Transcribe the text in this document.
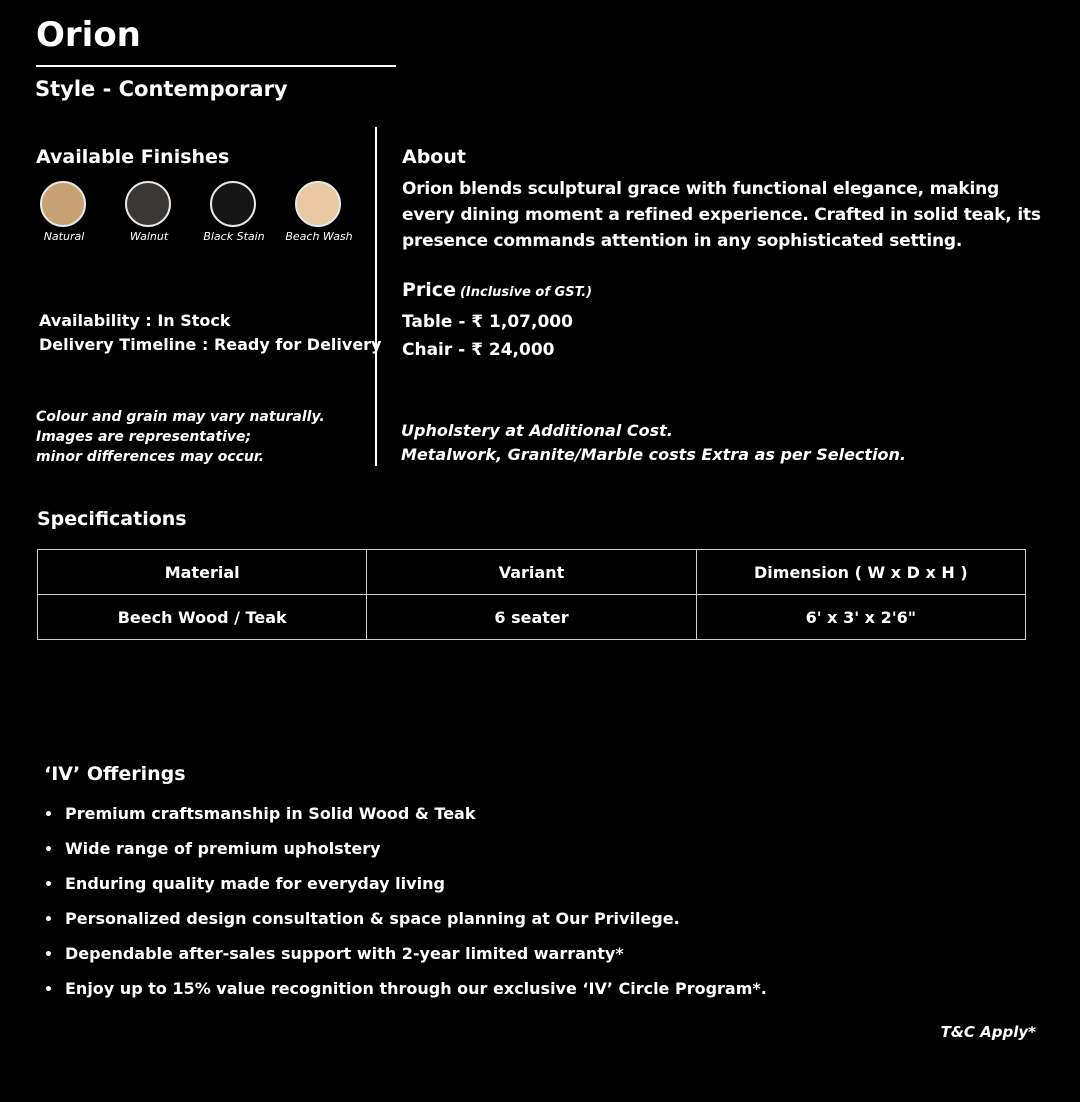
Orion
Style - Contemporary
Available Finishes
Natural	Walnut	Black Stain	Beach Wash
Availability : In Stock
Delivery Timeline : Ready for Delivery
Colour and grain may vary naturally.
Images are representative;
minor differences may occur.
About
Orion blends sculptural grace with functional elegance, making every dining moment a refined experience. Crafted in solid teak, its presence commands attention in any sophisticated setting.
Price (Inclusive of GST.)
Table - ₹ 1,07,000
Chair - ₹ 24,000
Upholstery at Additional Cost.
Metalwork, Granite/Marble costs Extra as per Selection.
Specifications
Material	Variant	Dimension ( W x D x H )
Beech Wood / Teak	6 seater	6' x 3' x 2'6"
‘IV’ Offerings
• Premium craftsmanship in Solid Wood & Teak
• Wide range of premium upholstery
• Enduring quality made for everyday living
• Personalized design consultation & space planning at Our Privilege.
• Dependable after-sales support with 2-year limited warranty*
• Enjoy up to 15% value recognition through our exclusive ‘IV’ Circle Program*.
T&C Apply*
